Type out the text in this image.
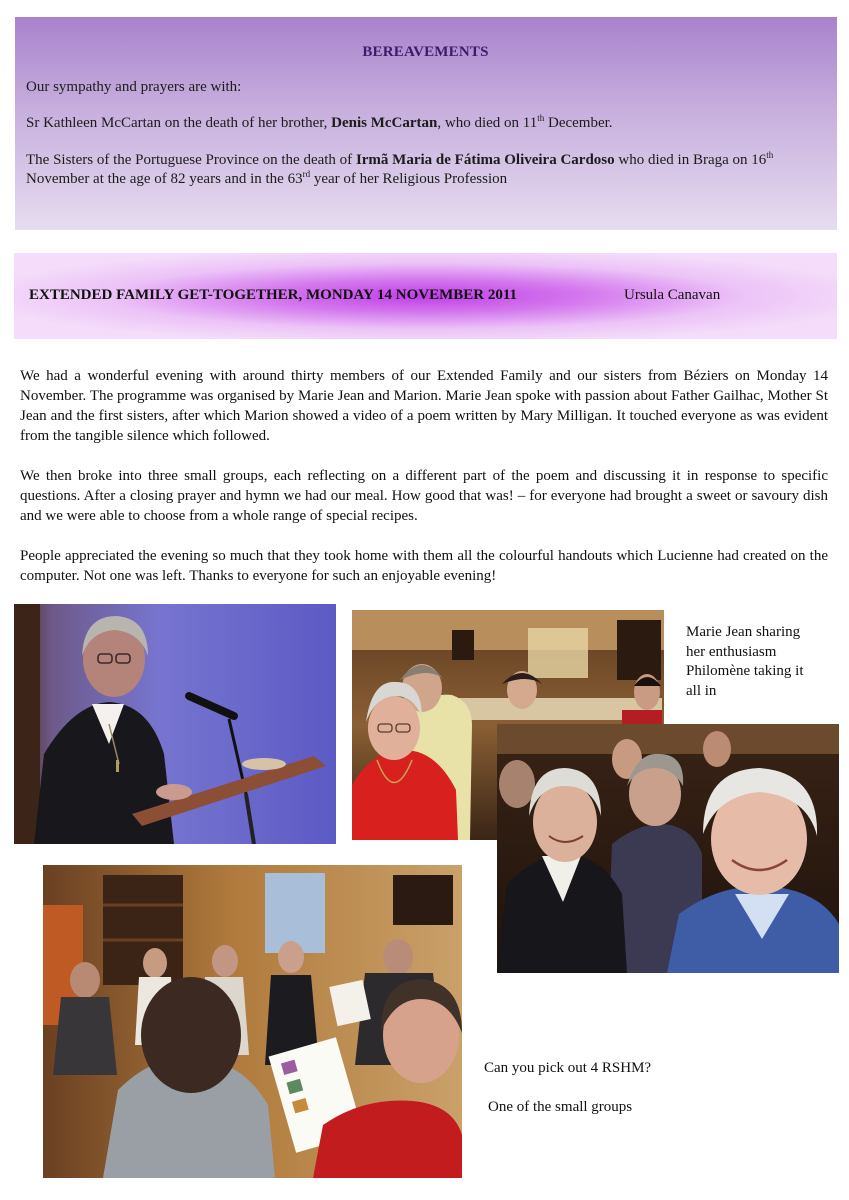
BEREAVEMENTS

Our sympathy and prayers are with:

Sr Kathleen McCartan on the death of her brother, Denis McCartan, who died on 11th December.

The Sisters of the Portuguese Province on the death of Irmã Maria de Fátima Oliveira Cardoso who died in Braga on 16th November at the age of 82 years and in the 63rd year of her Religious Profession

EXTENDED FAMILY GET-TOGETHER, MONDAY 14 NOVEMBER 2011	Ursula Canavan

We had a wonderful evening with around thirty members of our Extended Family and our sisters from Béziers on Monday 14 November. The programme was organised by Marie Jean and Marion. Marie Jean spoke with passion about Father Gailhac, Mother St Jean and the first sisters, after which Marion showed a video of a poem written by Mary Milligan. It touched everyone as was evident from the tangible silence which followed.

We then broke into three small groups, each reflecting on a different part of the poem and discussing it in response to specific questions. After a closing prayer and hymn we had our meal. How good that was! – for everyone had brought a sweet or savoury dish and we were able to choose from a whole range of special recipes.

People appreciated the evening so much that they took home with them all the colourful handouts which Lucienne had created on the computer. Not one was left. Thanks to everyone for such an enjoyable evening!

Marie Jean sharing
her enthusiasm
Philomène taking it
all in
Can you pick out 4 RSHM?
One of the small groups
